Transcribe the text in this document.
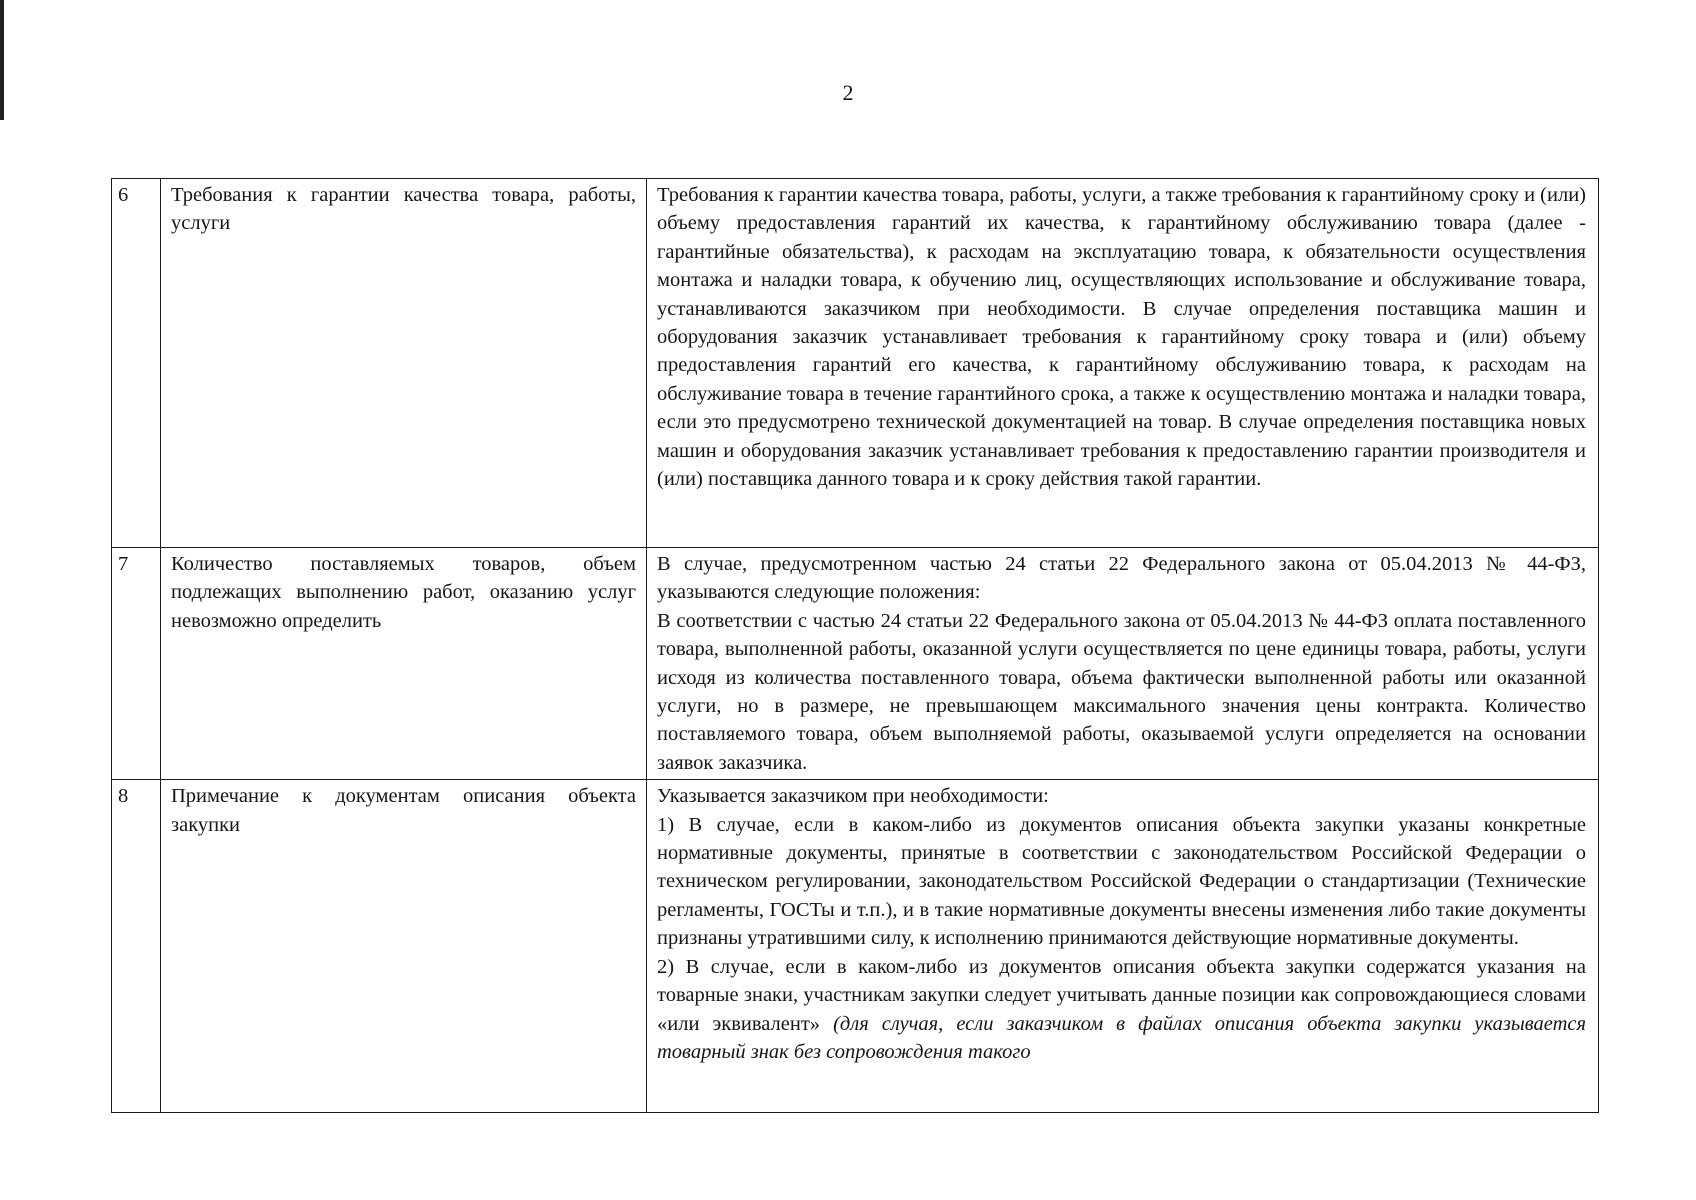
2
6	Требования к гарантии качества товара, работы, услуги	Требования к гарантии качества товара, работы, услуги, а также требования к гарантийному сроку и (или) объему предоставления гарантий их качества, к гарантийному обслуживанию товара (далее - гарантийные обязательства), к расходам на эксплуатацию товара, к обязательности осуществления монтажа и наладки товара, к обучению лиц, осуществляющих использование и обслуживание товара, устанавливаются заказчиком при необходимости. В случае определения поставщика машин и оборудования заказчик устанавливает требования к гарантийному сроку товара и (или) объему предоставления гарантий его качества, к гарантийному обслуживанию товара, к расходам на обслуживание товара в течение гарантийного срока, а также к осуществлению монтажа и наладки товара, если это предусмотрено технической документацией на товар. В случае определения поставщика новых машин и оборудования заказчик устанавливает требования к предоставлению гарантии производителя и (или) поставщика данного товара и к сроку действия такой гарантии.

7	Количество поставляемых товаров, объем подлежащих выполнению работ, оказанию услуг невозможно определить	В случае, предусмотренном частью 24 статьи 22 Федерального закона от 05.04.2013 № 44-ФЗ, указываются следующие положения:

В соответствии с частью 24 статьи 22 Федерального закона от 05.04.2013 № 44-ФЗ оплата поставленного товара, выполненной работы, оказанной услуги осуществляется по цене единицы товара, работы, услуги исходя из количества поставленного товара, объема фактически выполненной работы или оказанной услуги, но в размере, не превышающем максимального значения цены контракта. Количество поставляемого товара, объем выполняемой работы, оказываемой услуги определяется на основании заявок заказчика.

8	Примечание к документам описания объекта закупки	Указывается заказчиком при необходимости:

1) В случае, если в каком-либо из документов описания объекта закупки указаны конкретные нормативные документы, принятые в соответствии с законодательством Российской Федерации о техническом регулировании, законодательством Российской Федерации о стандартизации (Технические регламенты, ГОСТы и т.п.), и в такие нормативные документы внесены изменения либо такие документы признаны утратившими силу, к исполнению принимаются действующие нормативные документы.

2) В случае, если в каком-либо из документов описания объекта закупки содержатся указания на товарные знаки, участникам закупки следует учитывать данные позиции как сопровождающиеся словами «или эквивалент» (для случая, если заказчиком в файлах описания объекта закупки указывается товарный знак без сопровождения такого
